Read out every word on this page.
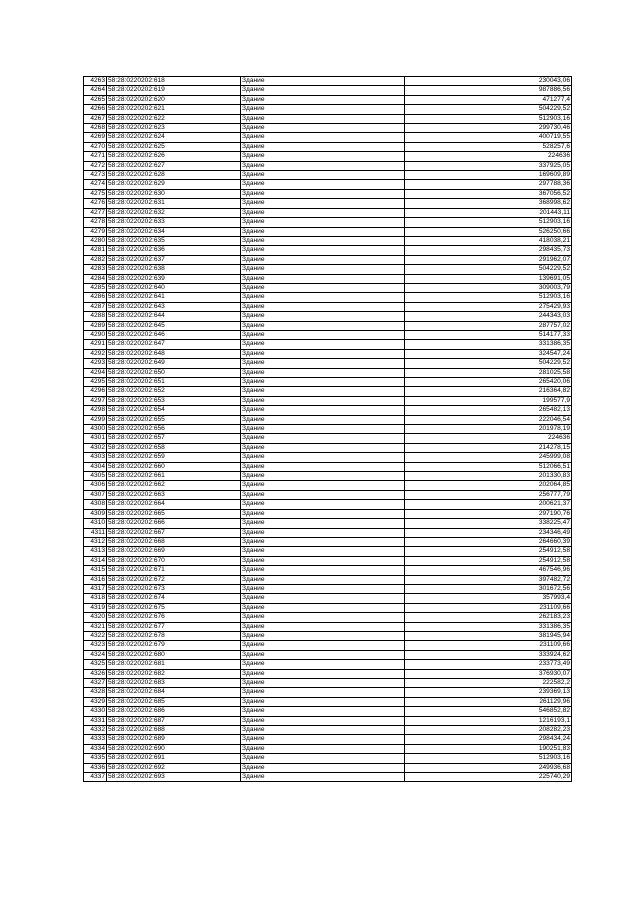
4263	58:28:0220202:618	Здание	230043,06
4264	58:28:0220202:619	Здание	987886,56
4265	58:28:0220202:620	Здание	471277,4
4266	58:28:0220202:621	Здание	504229,52
4267	58:28:0220202:622	Здание	512903,16
4268	58:28:0220202:623	Здание	299730,46
4269	58:28:0220202:624	Здание	400719,55
4270	58:28:0220202:625	Здание	528257,6
4271	58:28:0220202:626	Здание	224636
4272	58:28:0220202:627	Здание	337925,05
4273	58:28:0220202:628	Здание	169609,89
4274	58:28:0220202:629	Здание	297788,36
4275	58:28:0220202:630	Здание	367056,52
4276	58:28:0220202:631	Здание	368998,62
4277	58:28:0220202:632	Здание	201443,11
4278	58:28:0220202:633	Здание	512903,16
4279	58:28:0220202:634	Здание	526250,66
4280	58:28:0220202:635	Здание	418038,21
4281	58:28:0220202:636	Здание	298435,73
4282	58:28:0220202:637	Здание	291962,07
4283	58:28:0220202:638	Здание	504229,52
4284	58:28:0220202:639	Здание	139691,05
4285	58:28:0220202:640	Здание	309003,79
4286	58:28:0220202:641	Здание	512903,16
4287	58:28:0220202:643	Здание	275429,93
4288	58:28:0220202:644	Здание	244343,03
4289	58:28:0220202:645	Здание	287757,02
4290	58:28:0220202:646	Здание	514177,33
4291	58:28:0220202:647	Здание	331386,35
4292	58:28:0220202:648	Здание	324547,24
4293	58:28:0220202:649	Здание	504229,52
4294	58:28:0220202:650	Здание	281025,58
4295	58:28:0220202:651	Здание	265420,06
4296	58:28:0220202:652	Здание	216364,82
4297	58:28:0220202:653	Здание	199577,9
4298	58:28:0220202:654	Здание	265482,13
4299	58:28:0220202:655	Здание	222046,54
4300	58:28:0220202:656	Здание	201978,19
4301	58:28:0220202:657	Здание	224636
4302	58:28:0220202:658	Здание	214278,15
4303	58:28:0220202:659	Здание	245999,08
4304	58:28:0220202:660	Здание	512066,51
4305	58:28:0220202:661	Здание	201330,83
4306	58:28:0220202:662	Здание	202064,85
4307	58:28:0220202:663	Здание	256777,79
4308	58:28:0220202:664	Здание	200621,37
4309	58:28:0220202:665	Здание	297190,76
4310	58:28:0220202:666	Здание	338225,47
4311	58:28:0220202:667	Здание	234346,49
4312	58:28:0220202:668	Здание	264660,39
4313	58:28:0220202:669	Здание	254912,58
4314	58:28:0220202:670	Здание	254912,58
4315	58:28:0220202:671	Здание	467546,96
4316	58:28:0220202:672	Здание	397482,72
4317	58:28:0220202:673	Здание	301672,56
4318	58:28:0220202:674	Здание	357993,4
4319	58:28:0220202:675	Здание	231109,66
4320	58:28:0220202:676	Здание	262183,23
4321	58:28:0220202:677	Здание	331386,35
4322	58:28:0220202:678	Здание	381945,94
4323	58:28:0220202:679	Здание	231109,66
4324	58:28:0220202:680	Здание	333924,62
4325	58:28:0220202:681	Здание	233773,49
4326	58:28:0220202:682	Здание	376930,07
4327	58:28:0220202:683	Здание	222582,2
4328	58:28:0220202:684	Здание	239369,13
4329	58:28:0220202:685	Здание	261129,96
4330	58:28:0220202:686	Здание	546852,82
4331	58:28:0220202:687	Здание	1216193,1
4332	58:28:0220202:688	Здание	208282,23
4333	58:28:0220202:689	Здание	298434,24
4334	58:28:0220202:690	Здание	190251,83
4335	58:28:0220202:691	Здание	512903,16
4336	58:28:0220202:692	Здание	249936,68
4337	58:28:0220202:693	Здание	225740,29
